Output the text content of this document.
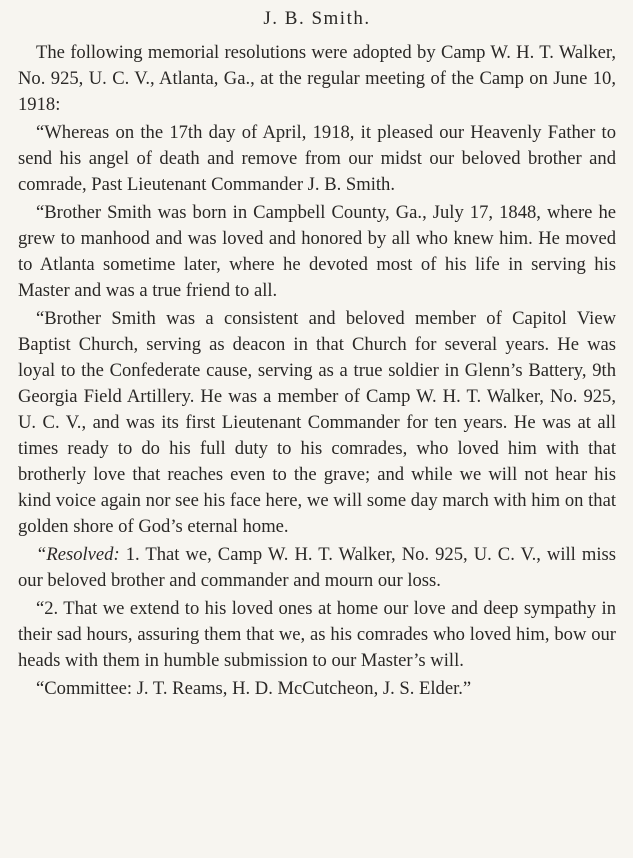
J. B. Smith.

The following memorial resolutions were adopted by Camp W. H. T. Walker, No. 925, U. C. V., Atlanta, Ga., at the regular meeting of the Camp on June 10, 1918:

“Whereas on the 17th day of April, 1918, it pleased our Heavenly Father to send his angel of death and remove from our midst our beloved brother and comrade, Past Lieutenant Commander J. B. Smith.

“Brother Smith was born in Campbell County, Ga., July 17, 1848, where he grew to manhood and was loved and honored by all who knew him. He moved to Atlanta sometime later, where he devoted most of his life in serving his Master and was a true friend to all.

“Brother Smith was a consistent and beloved member of Capitol View Baptist Church, serving as deacon in that Church for several years. He was loyal to the Confederate cause, serving as a true soldier in Glenn’s Battery, 9th Georgia Field Artillery. He was a member of Camp W. H. T. Walker, No. 925, U. C. V., and was its first Lieutenant Commander for ten years. He was at all times ready to do his full duty to his comrades, who loved him with that brotherly love that reaches even to the grave; and while we will not hear his kind voice again nor see his face here, we will some day march with him on that golden shore of God’s eternal home.

“Resolved: 1. That we, Camp W. H. T. Walker, No. 925, U. C. V., will miss our beloved brother and commander and mourn our loss.

“2. That we extend to his loved ones at home our love and deep sympathy in their sad hours, assuring them that we, as his comrades who loved him, bow our heads with them in humble submission to our Master’s will.

“Committee: J. T. Reams, H. D. McCutcheon, J. S. Elder.”
